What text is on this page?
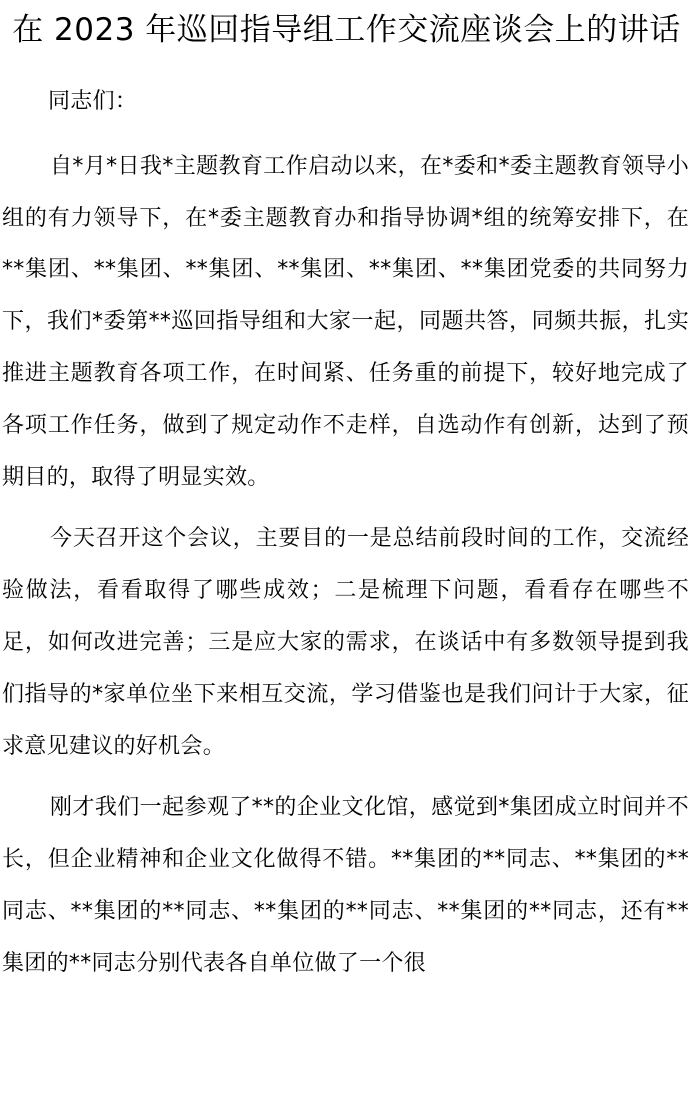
在 2023 年巡回指导组工作交流座谈会上的讲话

同志们：

自*月*日我*主题教育工作启动以来，在*委和*委主题教育领导小组的有力领导下，在*委主题教育办和指导协调*组的统筹安排下，在**集团、**集团、**集团、**集团、**集团、**集团党委的共同努力下，我们*委第**巡回指导组和大家一起，同题共答，同频共振，扎实推进主题教育各项工作，在时间紧、任务重的前提下，较好地完成了各项工作任务，做到了规定动作不走样，自选动作有创新，达到了预期目的，取得了明显实效。

今天召开这个会议，主要目的一是总结前段时间的工作，交流经验做法，看看取得了哪些成效；二是梳理下问题，看看存在哪些不足，如何改进完善；三是应大家的需求，在谈话中有多数领导提到我们指导的*家单位坐下来相互交流，学习借鉴也是我们问计于大家，征求意见建议的好机会。

刚才我们一起参观了**的企业文化馆，感觉到*集团成立时间并不长，但企业精神和企业文化做得不错。**集团的**同志、**集团的**同志、**集团的**同志、**集团的**同志、**集团的**同志，还有**集团的**同志分别代表各自单位做了一个很
